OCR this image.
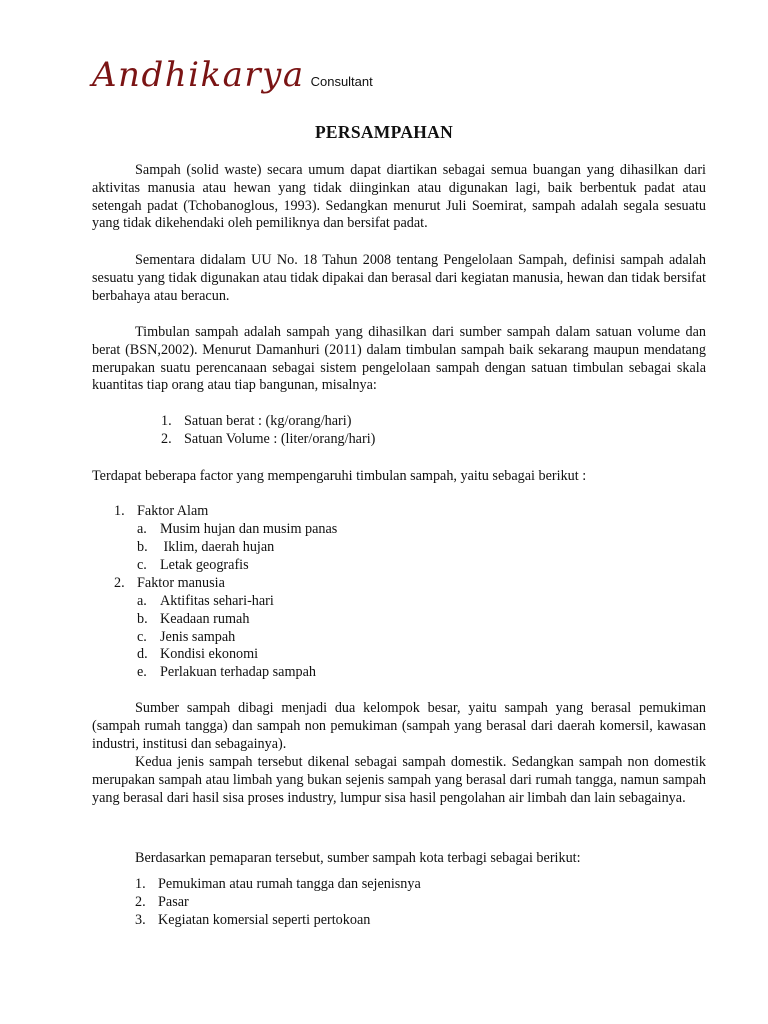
Andhikarya Consultant
PERSAMPAHAN

Sampah (solid waste) secara umum dapat diartikan sebagai semua buangan yang dihasilkan dari aktivitas manusia atau hewan yang tidak diinginkan atau digunakan lagi, baik berbentuk padat atau setengah padat (Tchobanoglous, 1993). Sedangkan menurut Juli Soemirat, sampah adalah segala sesuatu yang tidak dikehendaki oleh pemiliknya dan bersifat padat.

Sementara didalam UU No. 18 Tahun 2008 tentang Pengelolaan Sampah, definisi sampah adalah sesuatu yang tidak digunakan atau tidak dipakai dan berasal dari kegiatan manusia, hewan dan tidak bersifat berbahaya atau beracun.

Timbulan sampah adalah sampah yang dihasilkan dari sumber sampah dalam satuan volume dan berat (BSN,2002). Menurut Damanhuri (2011) dalam timbulan sampah baik sekarang maupun mendatang merupakan suatu perencanaan sebagai sistem pengelolaan sampah dengan satuan timbulan sebagai skala kuantitas tiap orang atau tiap bangunan, misalnya:

1. Satuan berat : (kg/orang/hari)
2. Satuan Volume : (liter/orang/hari)
Terdapat beberapa factor yang mempengaruhi timbulan sampah, yaitu sebagai berikut :
1. Faktor Alam
a. Musim hujan dan musim panas
b. Iklim, daerah hujan
c. Letak geografis
2. Faktor manusia
a. Aktifitas sehari-hari
b. Keadaan rumah
c. Jenis sampah
d. Kondisi ekonomi
e. Perlakuan terhadap sampah

Sumber sampah dibagi menjadi dua kelompok besar, yaitu sampah yang berasal pemukiman (sampah rumah tangga) dan sampah non pemukiman (sampah yang berasal dari daerah komersil, kawasan industri, institusi dan sebagainya).

Kedua jenis sampah tersebut dikenal sebagai sampah domestik. Sedangkan sampah non domestik merupakan sampah atau limbah yang bukan sejenis sampah yang berasal dari rumah tangga, namun sampah yang berasal dari hasil sisa proses industry, lumpur sisa hasil pengolahan air limbah dan lain sebagainya.

Berdasarkan pemaparan tersebut, sumber sampah kota terbagi sebagai berikut:
1. Pemukiman atau rumah tangga dan sejenisnya
2. Pasar
3. Kegiatan komersial seperti pertokoan
